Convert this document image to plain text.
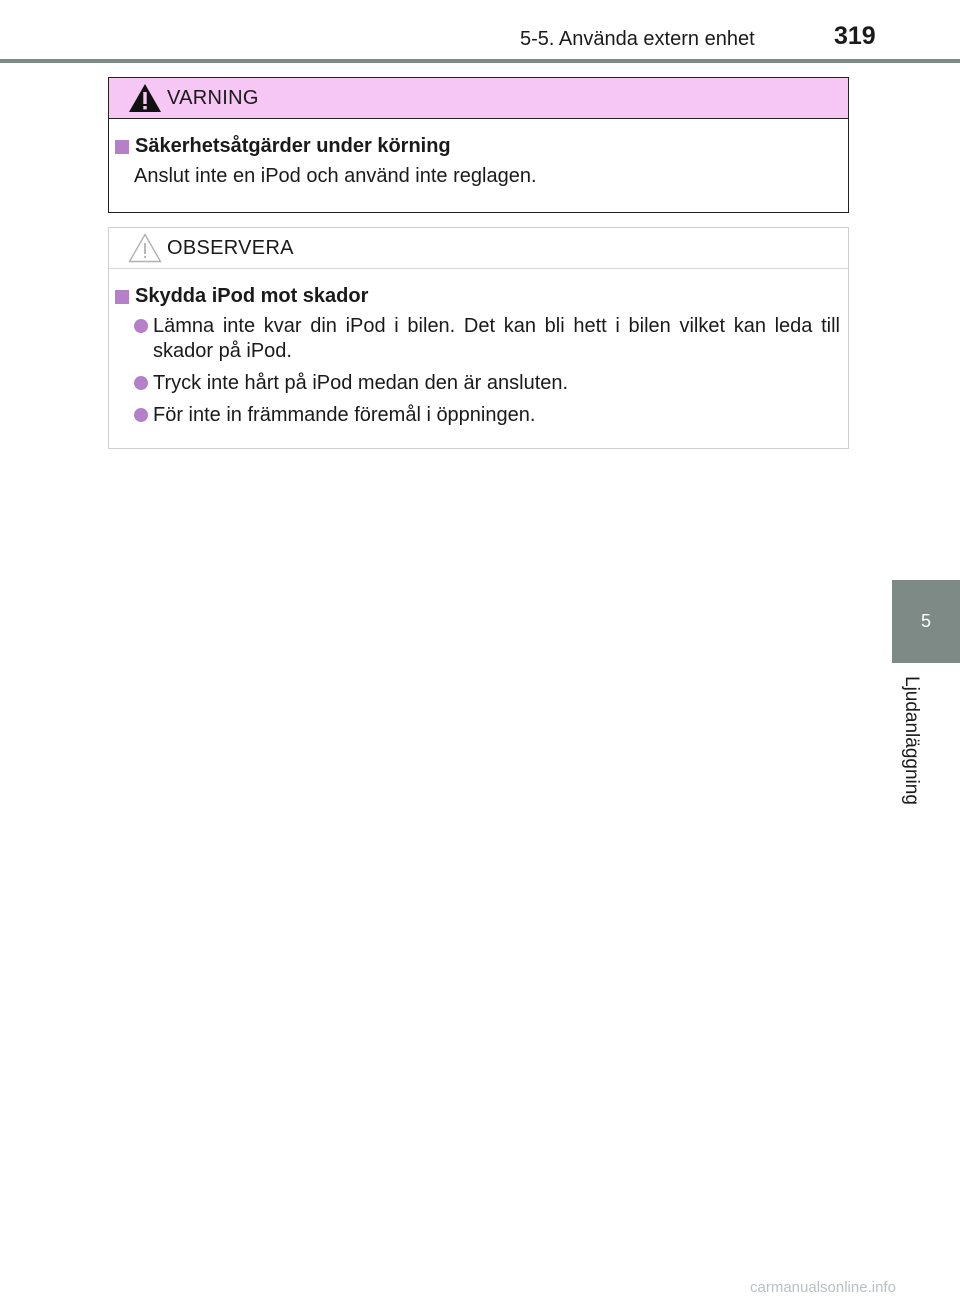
5-5. Använda extern enhet	319
5
Ljudanläggning
VARNING
Säkerhetsåtgärder under körning
Anslut inte en iPod och använd inte reglagen.
OBSERVERA
Skydda iPod mot skador
Lämna inte kvar din iPod i bilen. Det kan bli hett i bilen vilket kan leda till skador på iPod.
Tryck inte hårt på iPod medan den är ansluten.
För inte in främmande föremål i öppningen.
carmanualsonline.info
